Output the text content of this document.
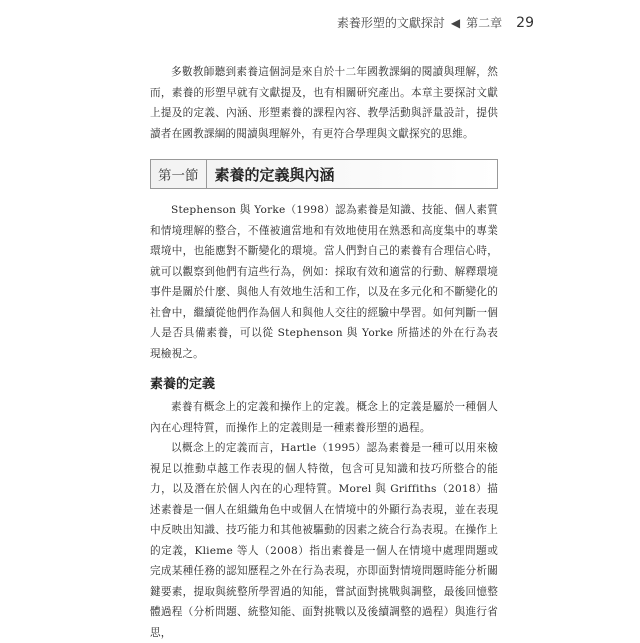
素養形塑的文獻探討 ◀ 第二章 29

多數教師聽到素養這個詞是來自於十二年國教課綱的閱讀與理解，然而，素養的形塑早就有文獻提及，也有相關研究產出。本章主要探討文獻上提及的定義、內涵、形塑素養的課程內容、教學活動與評量設計，提供讀者在國教課綱的閱讀與理解外，有更符合學理與文獻探究的思維。

第一節	素養的定義與內涵

Stephenson 與 Yorke（1998）認為素養是知識、技能、個人素質和情境理解的整合，不僅被適當地和有效地使用在熟悉和高度集中的專業環境中，也能應對不斷變化的環境。當人們對自己的素養有合理信心時，就可以觀察到他們有這些行為，例如：採取有效和適當的行動、解釋環境事件是關於什麼、與他人有效地生活和工作，以及在多元化和不斷變化的社會中，繼續從他們作為個人和與他人交往的經驗中學習。如何判斷一個人是否具備素養，可以從 Stephenson 與 Yorke 所描述的外在行為表現檢視之。

素養的定義

素養有概念上的定義和操作上的定義。概念上的定義是屬於一種個人內在心理特質，而操作上的定義則是一種素養形塑的過程。

以概念上的定義而言，Hartle（1995）認為素養是一種可以用來檢視足以推動卓越工作表現的個人特徵，包含可見知識和技巧所整合的能力，以及潛在於個人內在的心理特質。Morel 與 Griffiths（2018）描述素養是一個人在組織角色中或個人在情境中的外顯行為表現，並在表現中反映出知識、技巧能力和其他被驅動的因素之統合行為表現。在操作上的定義，Klieme 等人（2008）指出素養是一個人在情境中處理問題或完成某種任務的認知歷程之外在行為表現，亦即面對情境問題時能分析關鍵要素，提取與統整所學習過的知能，嘗試面對挑戰與調整，最後回憶整體過程（分析問題、統整知能、面對挑戰以及後續調整的過程）與進行省思，
